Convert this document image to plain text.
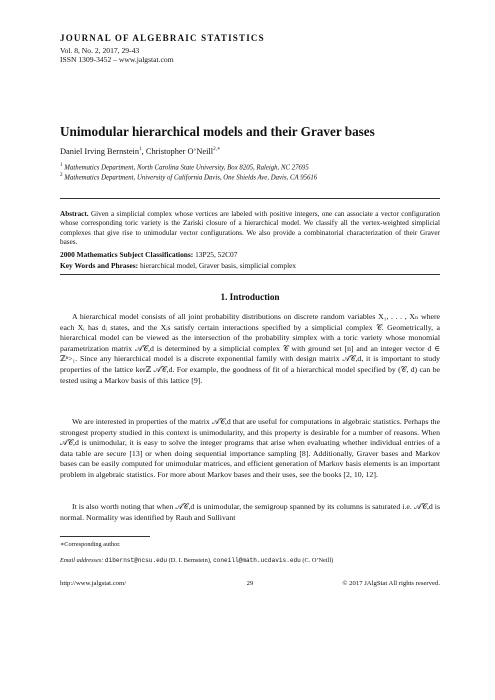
JOURNAL OF ALGEBRAIC STATISTICS
Vol. 8, No. 2, 2017, 29-43
ISSN 1309-3452 – www.jalgstat.com
Unimodular hierarchical models and their Graver bases
Daniel Irving Bernstein$^1$, Christopher O’Neill$^{2,∗}$
$^1$ Mathematics Department, North Carolina State University, Box 8205, Raleigh, NC 27695
$^2$ Mathematics Department, University of California Davis, One Shields Ave, Davis, CA 95616
Abstract. Given a simplicial complex whose vertices are labeled with positive integers, one can associate a vector configuration whose corresponding toric variety is the Zariski closure of a hierarchical model. We classify all the vertex-weighted simplicial complexes that give rise to unimodular vector configurations. We also provide a combinatorial characterization of their Graver bases.
2000 Mathematics Subject Classifications: 13P25, 52C07
Key Words and Phrases: hierarchical model, Graver basis, simplicial complex
1. Introduction
A hierarchical model consists of all joint probability distributions on discrete random variables X₁, . . . , Xₙ where each Xᵢ has dᵢ states, and the Xᵢs satisfy certain interactions specified by a simplicial complex 𝒞. Geometrically, a hierarchical model can be viewed as the intersection of the probability simplex with a toric variety whose monomial parametrization matrix 𝒜𝒞,d is determined by a simplicial complex 𝒞 with ground set [n] and an integer vector d ∈ ℤⁿ>₁. Since any hierarchical model is a discrete exponential family with design matrix 𝒜𝒞,d, it is important to study properties of the lattice kerℤ 𝒜𝒞,d. For example, the goodness of fit of a hierarchical model specified by (𝒞, d) can be tested using a Markov basis of this lattice [9].
We are interested in properties of the matrix 𝒜𝒞,d that are useful for computations in algebraic statistics. Perhaps the strongest property studied in this context is unimodularity, and this property is desirable for a number of reasons. When 𝒜𝒞,d is unimodular, it is easy to solve the integer programs that arise when evaluating whether individual entries of a data table are secure [13] or when doing sequential importance sampling [8]. Additionally, Graver bases and Markov bases can be easily computed for unimodular matrices, and efficient generation of Markov basis elements is an important problem in algebraic statistics. For more about Markov bases and their uses, see the books [2, 10, 12].
It is also worth noting that when 𝒜𝒞,d is unimodular, the semigroup spanned by its columns is saturated i.e. 𝒜𝒞,d is normal. Normality was identified by Rauh and Sullivant
∗Corresponding author.
Email addresses: dibernst@ncsu.edu (D. I. Bernstein), coneill@math.ucdavis.edu (C. O’Neill)
http://www.jalgstat.com/	29	© 2017 JAlgStat All rights reserved.
